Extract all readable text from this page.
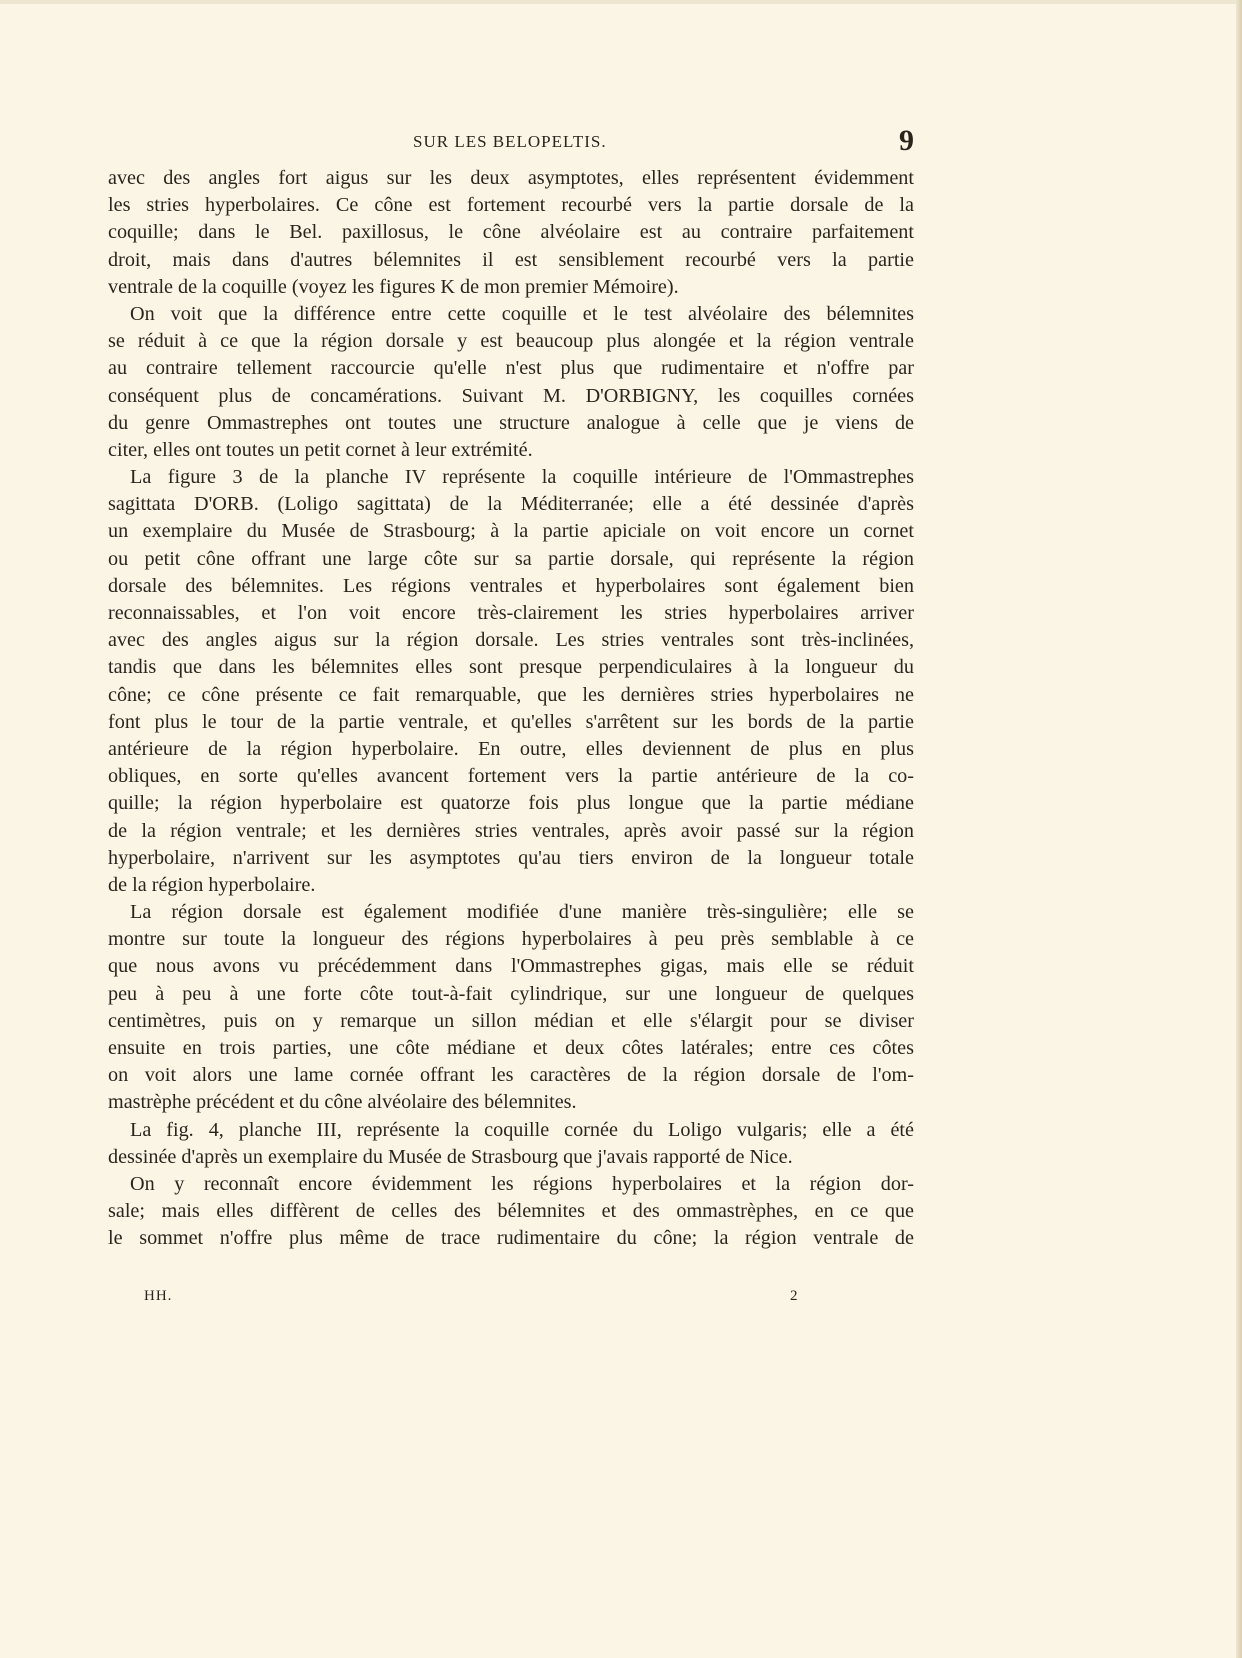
SUR LES BELOPELTIS.	9
avec des angles fort aigus sur les deux asymptotes, elles représentent évidemment
les stries hyperbolaires. Ce cône est fortement recourbé vers la partie dorsale de la
coquille; dans le Bel. paxillosus, le cône alvéolaire est au contraire parfaitement
droit, mais dans d'autres bélemnites il est sensiblement recourbé vers la partie
ventrale de la coquille (voyez les figures K de mon premier Mémoire).
On voit que la différence entre cette coquille et le test alvéolaire des bélemnites
se réduit à ce que la région dorsale y est beaucoup plus alongée et la région ventrale
au contraire tellement raccourcie qu'elle n'est plus que rudimentaire et n'offre par
conséquent plus de concamérations. Suivant M. D'ORBIGNY, les coquilles cornées
du genre Ommastrephes ont toutes une structure analogue à celle que je viens de
citer, elles ont toutes un petit cornet à leur extrémité.
La figure 3 de la planche IV représente la coquille intérieure de l'Ommastrephes
sagittata D'ORB. (Loligo sagittata) de la Méditerranée; elle a été dessinée d'après
un exemplaire du Musée de Strasbourg; à la partie apiciale on voit encore un cornet
ou petit cône offrant une large côte sur sa partie dorsale, qui représente la région
dorsale des bélemnites. Les régions ventrales et hyperbolaires sont également bien
reconnaissables, et l'on voit encore très-clairement les stries hyperbolaires arriver
avec des angles aigus sur la région dorsale. Les stries ventrales sont très-inclinées,
tandis que dans les bélemnites elles sont presque perpendiculaires à la longueur du
cône; ce cône présente ce fait remarquable, que les dernières stries hyperbolaires ne
font plus le tour de la partie ventrale, et qu'elles s'arrêtent sur les bords de la partie
antérieure de la région hyperbolaire. En outre, elles deviennent de plus en plus
obliques, en sorte qu'elles avancent fortement vers la partie antérieure de la co-
quille; la région hyperbolaire est quatorze fois plus longue que la partie médiane
de la région ventrale; et les dernières stries ventrales, après avoir passé sur la région
hyperbolaire, n'arrivent sur les asymptotes qu'au tiers environ de la longueur totale
de la région hyperbolaire.
La région dorsale est également modifiée d'une manière très-singulière; elle se
montre sur toute la longueur des régions hyperbolaires à peu près semblable à ce
que nous avons vu précédemment dans l'Ommastrephes gigas, mais elle se réduit
peu à peu à une forte côte tout-à-fait cylindrique, sur une longueur de quelques
centimètres, puis on y remarque un sillon médian et elle s'élargit pour se diviser
ensuite en trois parties, une côte médiane et deux côtes latérales; entre ces côtes
on voit alors une lame cornée offrant les caractères de la région dorsale de l'om-
mastrèphe précédent et du cône alvéolaire des bélemnites.
La fig. 4, planche III, représente la coquille cornée du Loligo vulgaris; elle a été
dessinée d'après un exemplaire du Musée de Strasbourg que j'avais rapporté de Nice.
On y reconnaît encore évidemment les régions hyperbolaires et la région dor-
sale; mais elles diffèrent de celles des bélemnites et des ommastrèphes, en ce que
le sommet n'offre plus même de trace rudimentaire du cône; la région ventrale de
HH.	2
